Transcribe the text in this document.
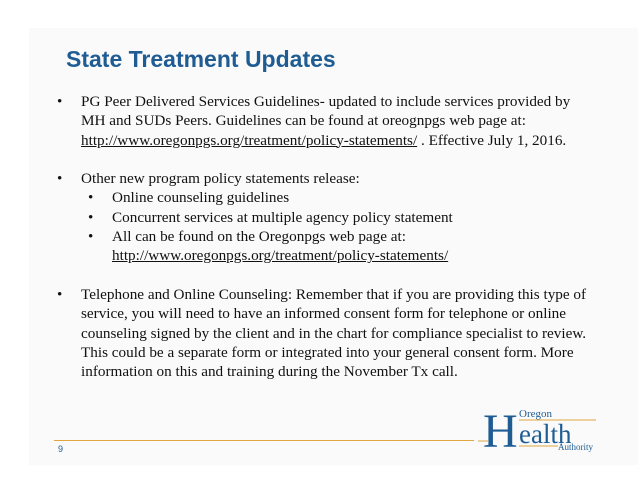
State Treatment Updates

• PG Peer Delivered Services Guidelines- updated to include services provided by MH and SUDs Peers. Guidelines can be found at oreognpgs web page at: http://www.oregonpgs.org/treatment/policy-statements/ . Effective July 1, 2016.

• Other new program policy statements release:

• Online counseling guidelines

• Concurrent services at multiple agency policy statement

• All can be found on the Oregonpgs web page at:
http://www.oregonpgs.org/treatment/policy-statements/

• Telephone and Online Counseling: Remember that if you are providing this type of service, you will need to have an informed consent form for telephone or online counseling signed by the client and in the chart for compliance specialist to review. This could be a separate form or integrated into your general consent form. More information on this and training during the November Tx call.

9	H Oregon
ealth
Authority
